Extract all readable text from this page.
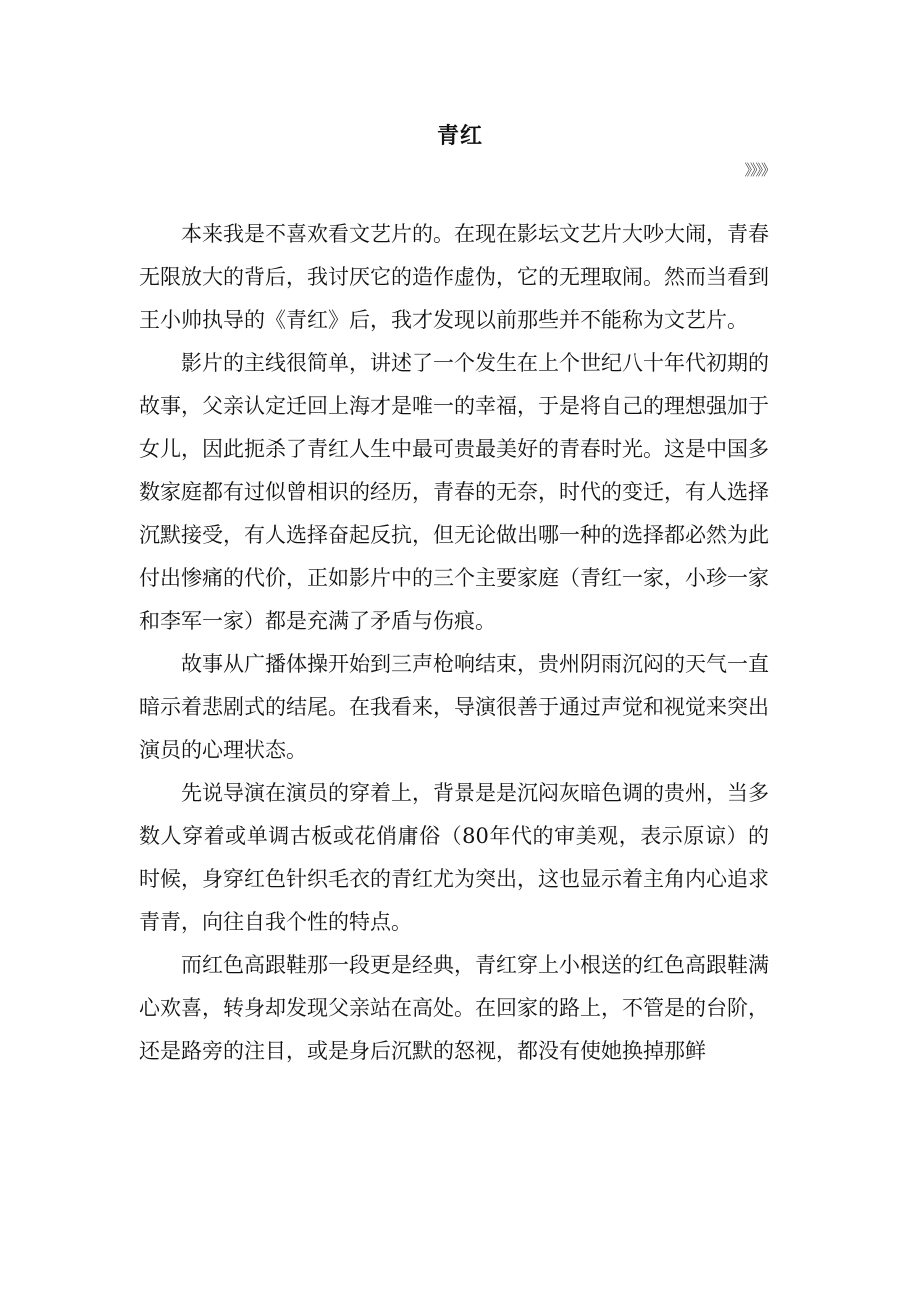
青红
》》》》

本来我是不喜欢看文艺片的。在现在影坛文艺片大吵大闹，青春无限放大的背后，我讨厌它的造作虚伪，它的无理取闹。然而当看到王小帅执导的《青红》后，我才发现以前那些并不能称为文艺片。

影片的主线很简单，讲述了一个发生在上个世纪八十年代初期的故事，父亲认定迁回上海才是唯一的幸福，于是将自己的理想强加于女儿，因此扼杀了青红人生中最可贵最美好的青春时光。这是中国多数家庭都有过似曾相识的经历，青春的无奈，时代的变迁，有人选择沉默接受，有人选择奋起反抗，但无论做出哪一种的选择都必然为此付出惨痛的代价，正如影片中的三个主要家庭（青红一家，小珍一家和李军一家）都是充满了矛盾与伤痕。

故事从广播体操开始到三声枪响结束，贵州阴雨沉闷的天气一直暗示着悲剧式的结尾。在我看来，导演很善于通过声觉和视觉来突出演员的心理状态。

先说导演在演员的穿着上，背景是是沉闷灰暗色调的贵州，当多数人穿着或单调古板或花俏庸俗（80年代的审美观，表示原谅）的时候，身穿红色针织毛衣的青红尤为突出，这也显示着主角内心追求青青，向往自我个性的特点。

而红色高跟鞋那一段更是经典，青红穿上小根送的红色高跟鞋满心欢喜，转身却发现父亲站在高处。在回家的路上，不管是的台阶，还是路旁的注目，或是身后沉默的怒视，都没有使她换掉那鲜
